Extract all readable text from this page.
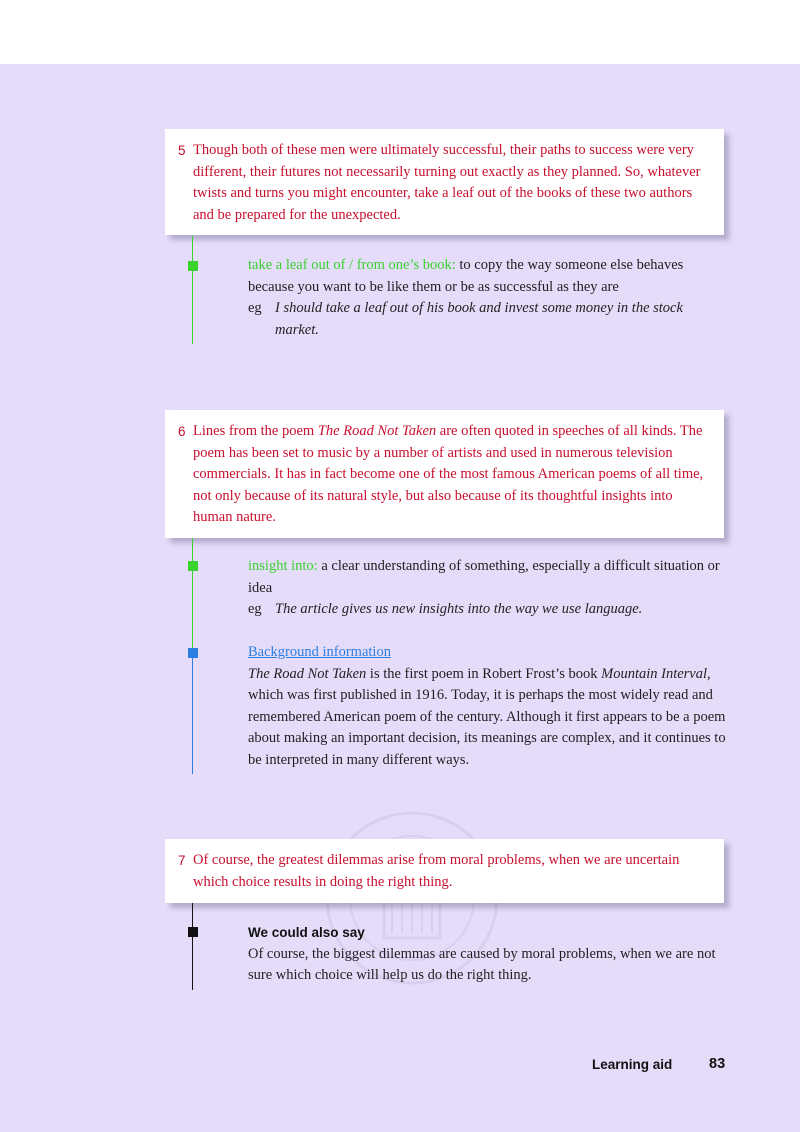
5 Though both of these men were ultimately successful, their paths to success were very different, their futures not necessarily turning out exactly as they planned. So, whatever twists and turns you might encounter, take a leaf out of the books of these two authors and be prepared for the unexpected.
take a leaf out of / from one’s book: to copy the way someone else behaves because you want to be like them or be as successful as they are
eg I should take a leaf out of his book and invest some money in the stock market.
6 Lines from the poem The Road Not Taken are often quoted in speeches of all kinds. The poem has been set to music by a number of artists and used in numerous television commercials. It has in fact become one of the most famous American poems of all time, not only because of its natural style, but also because of its thoughtful insights into human nature.
insight into: a clear understanding of something, especially a difficult situation or idea
eg The article gives us new insights into the way we use language.
Background information
The Road Not Taken is the first poem in Robert Frost’s book Mountain Interval, which was first published in 1916. Today, it is perhaps the most widely read and remembered American poem of the century. Although it first appears to be a poem about making an important decision, its meanings are complex, and it continues to be interpreted in many different ways.
7 Of course, the greatest dilemmas arise from moral problems, when we are uncertain which choice results in doing the right thing.
We could also say
Of course, the biggest dilemmas are caused by moral problems, when we are not sure which choice will help us do the right thing.
Learning aid	83
